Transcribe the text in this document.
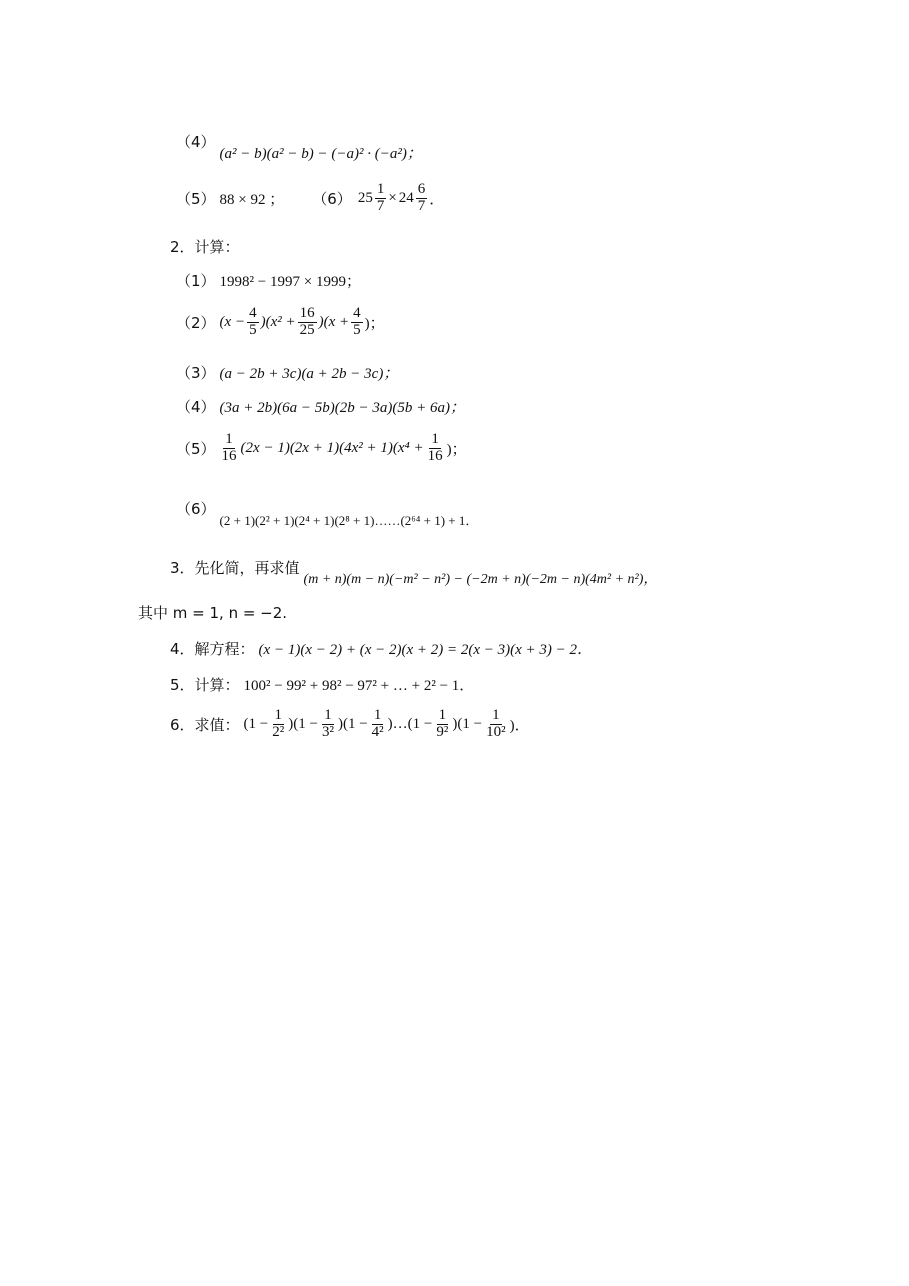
（4）
(a² − b)(a² − b) − (−a)² · (−a²)；
（5） 88 × 92 ； （6） $25 \frac{1}{7} \times 24 \frac{6}{7}$ ．
2．计算：
（1） 1998² − 1997 × 1999；
（2） $(x - \frac{4}{5} )(x^2 + \frac{16}{25} )(x + \frac{4}{5}$ )；
（3） (a − 2b + 3c)(a + 2b − 3c)；
（4） (3a + 2b)(6a − 5b)(2b − 3a)(5b + 6a)；
$(5) \frac{1}{16} (2x - 1)(2x + 1)(4x^2 + 1)(x^4 + \frac{1}{16}$ )；
（6）
(2 + 1)(2² + 1)(2⁴ + 1)(2⁸ + 1)……(2⁶⁴ + 1) + 1．
3．先化简，再求值
(m + n)(m − n)(−m² − n²) − (−2m + n)(−2m − n)(4m² + n²)，
其中 m = 1, n = −2.
4．解方程： (x − 1)(x − 2) + (x − 2)(x + 2) = 2(x − 3)(x + 3) − 2．
5．计算： 100² − 99² + 98² − 97² + … + 2² − 1．
6．求值： $(1 - \frac{1}{\text{2²}} )(1 - \frac{1}{\text{3²}} )(1 - \frac{1}{\text{4²}}$ )…(1 − $\frac{1}{\text{9²}} )(1 - \frac{1}{\text{10²}}$ )．
